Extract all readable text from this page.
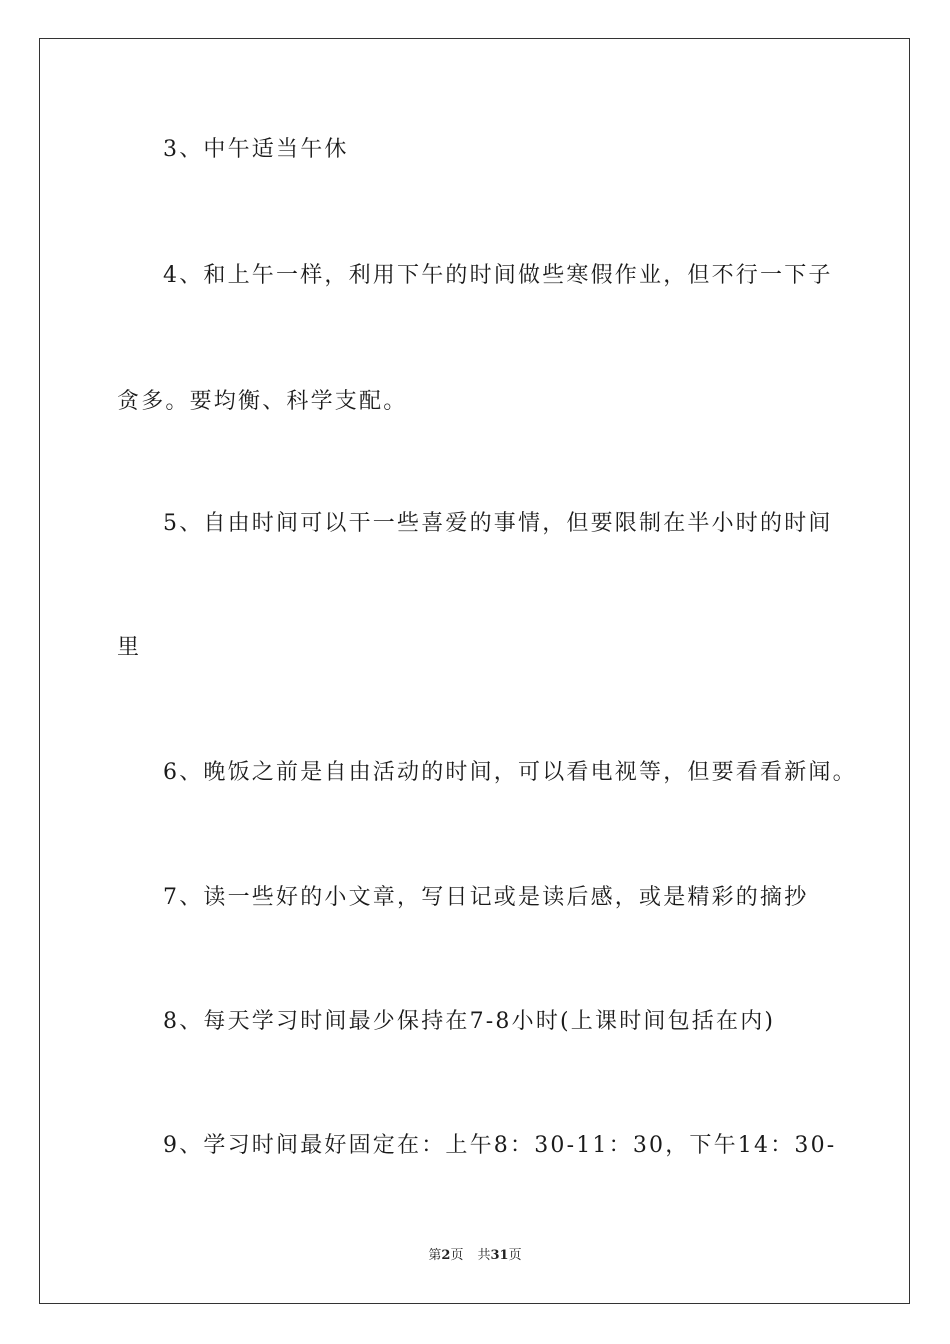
3、中午适当午休
4、和上午一样，利用下午的时间做些寒假作业，但不行一下子
贪多。要均衡、科学支配。
5、自由时间可以干一些喜爱的事情，但要限制在半小时的时间
里
6、晚饭之前是自由活动的时间，可以看电视等，但要看看新闻。
7、读一些好的小文章，写日记或是读后感，或是精彩的摘抄
8、每天学习时间最少保持在7-8小时(上课时间包括在内)
9、学习时间最好固定在：上午8：30-11：30，下午14：30-
第2页 共31页
